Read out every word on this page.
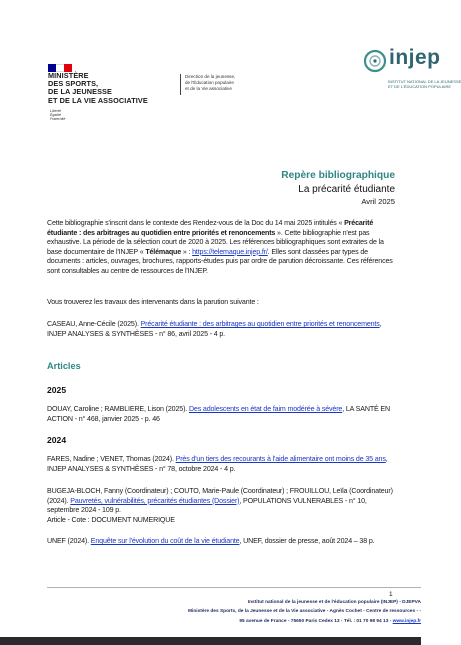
MINISTÈRE
DES SPORTS,
DE LA JEUNESSE
ET DE LA VIE ASSOCIATIVE
Liberté
Égalité
Fraternité
Direction de la jeunesse,
de l'Éducation populaire
et de la Vie associative
injep
INSTITUT NATIONAL DE LA JEUNESSE
ET DE L'ÉDUCATION POPULAIRE
Repère bibliographique
La précarité étudiante
Avril 2025
Cette bibliographie s'inscrit dans le contexte des Rendez-vous de la Doc du 14 mai 2025 intitulés « Précarité étudiante : des arbitrages au quotidien entre priorités et renoncements ». Cette bibliographie n'est pas exhaustive. La période de la sélection court de 2020 à 2025. Les références bibliographiques sont extraites de la base documentaire de l'INJEP « Télémaque » : https://telemaque.injep.fr/. Elles sont classées par types de documents : articles, ouvrages, brochures, rapports-études puis par ordre de parution décroissante. Ces références sont consultables au centre de ressources de l'INJEP.
Vous trouverez les travaux des intervenants dans la parution suivante :
CASEAU, Anne-Cécile (2025). Précarité étudiante : des arbitrages au quotidien entre priorités et renoncements, INJEP ANALYSES & SYNTHÈSES - n° 86, avril 2025 - 4 p.
Articles
2025
DOUAY, Caroline ; RAMBLIERE, Lison (2025). Des adolescents en état de faim modérée à sévère, LA SANTÉ EN ACTION - n° 468, janvier 2025 - p. 46
2024
FARES, Nadine ; VENET, Thomas (2024). Près d'un tiers des recourants à l'aide alimentaire ont moins de 35 ans, INJEP ANALYSES & SYNTHÈSES - n° 78, octobre 2024 - 4 p.
BUGEJA-BLOCH, Fanny (Coordinateur) ; COUTO, Marie-Paule (Coordinateur) ; FROUILLOU, Leïla (Coordinateur) (2024). Pauvretés, vulnérabilités, précarités étudiantes (Dossier), POPULATIONS VULNERABLES - n° 10, septembre 2024 - 109 p.
Article - Cote : DOCUMENT NUMERIQUE
UNEF (2024). Enquête sur l'évolution du coût de la vie étudiante, UNEF, dossier de presse, août 2024 – 38 p.
1
Institut national de la jeunesse et de l'éducation populaire (INJEP) - DJEPVA
Ministère des Sports, de la Jeunesse et de la Vie associative - Agnès Cochet - Centre de ressources - -
95 avenue de France - 75650 Paris Cedex 13 - Tél. : 01 70 98 94 13 - www.injep.fr
